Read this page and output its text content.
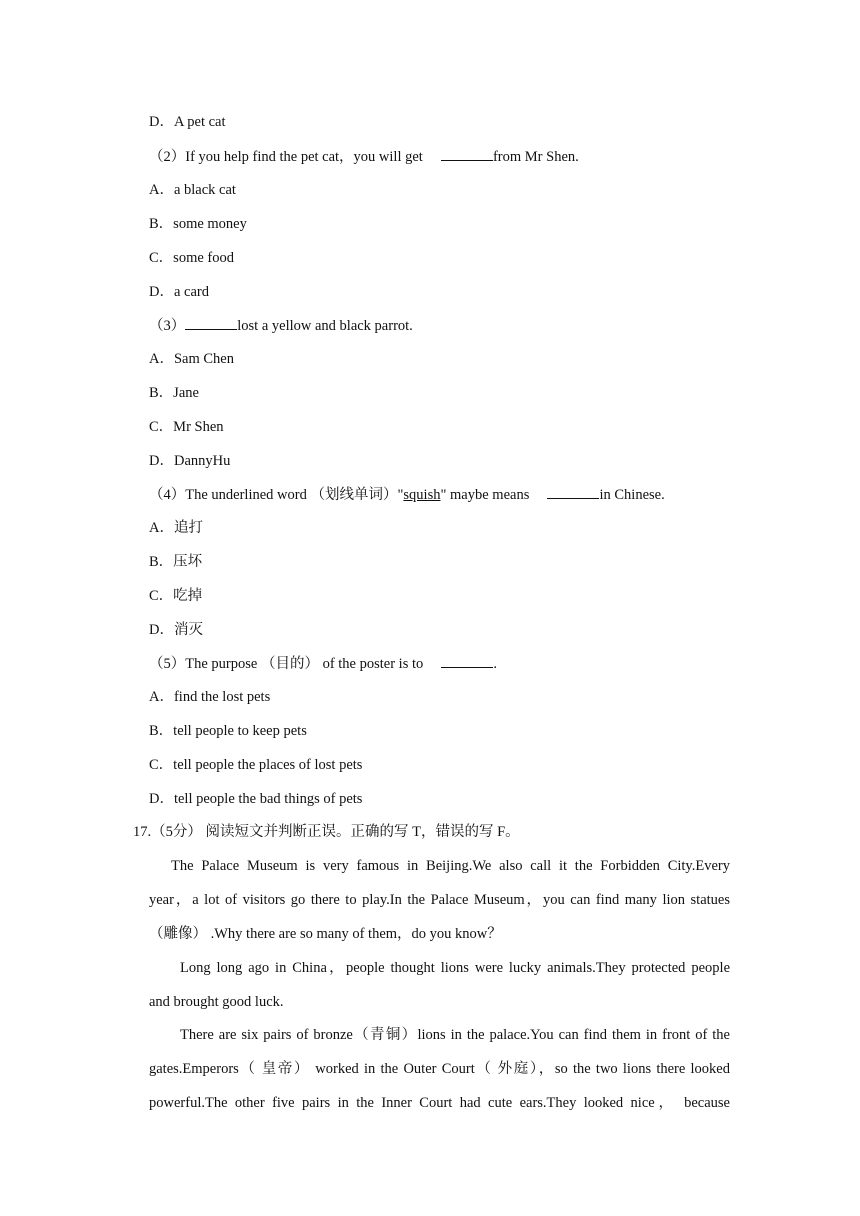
D．A pet cat
（2）If you help find the pet cat，you will get	from Mr Shen.
A．a black cat
B．some money
C．some food
D．a card
（3）	lost a yellow and black parrot.
A．Sam Chen
B．Jane
C．Mr Shen
D．DannyHu
（4）The underlined word （划线单词）"squish" maybe means	in Chinese.
A．追打
B．压坏
C．吃掉
D．消灭
（5）The purpose （目的） of the poster is to	.
A．find the lost pets
B．tell people to keep pets
C．tell people the places of lost pets
D．tell people the bad things of pets
17.（5分） 阅读短文并判断正误。正确的写 T，错误的写 F。
The Palace Museum is very famous in Beijing.We also call it the Forbidden City.Every
year，a lot of visitors go there to play.In the Palace Museum，you can find many lion statues
（雕像） .Why there are so many of them，do you know？
Long long ago in China，people thought lions were lucky animals.They protected people
and brought good luck.
There are six pairs of bronze（青铜）lions in the palace.You can find them in front of the
gates.Emperors（ 皇帝） worked in the Outer Court（ 外庭），so the two lions there looked
powerful.The other five pairs in the Inner Court had cute ears.They looked nice， because
